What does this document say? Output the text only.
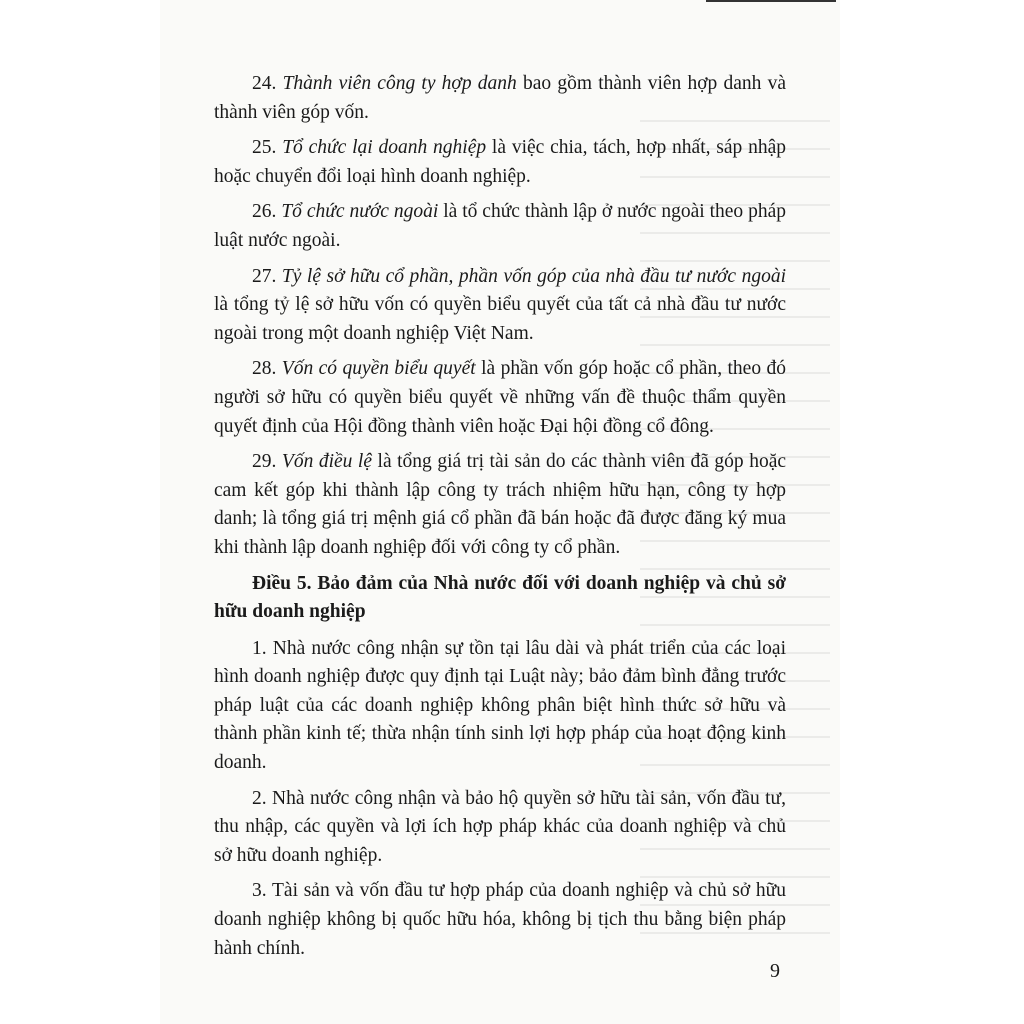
24. Thành viên công ty hợp danh bao gồm thành viên hợp danh và thành viên góp vốn.

25. Tổ chức lại doanh nghiệp là việc chia, tách, hợp nhất, sáp nhập hoặc chuyển đổi loại hình doanh nghiệp.

26. Tổ chức nước ngoài là tổ chức thành lập ở nước ngoài theo pháp luật nước ngoài.

27. Tỷ lệ sở hữu cổ phần, phần vốn góp của nhà đầu tư nước ngoài là tổng tỷ lệ sở hữu vốn có quyền biểu quyết của tất cả nhà đầu tư nước ngoài trong một doanh nghiệp Việt Nam.

28. Vốn có quyền biểu quyết là phần vốn góp hoặc cổ phần, theo đó người sở hữu có quyền biểu quyết về những vấn đề thuộc thẩm quyền quyết định của Hội đồng thành viên hoặc Đại hội đồng cổ đông.

29. Vốn điều lệ là tổng giá trị tài sản do các thành viên đã góp hoặc cam kết góp khi thành lập công ty trách nhiệm hữu hạn, công ty hợp danh; là tổng giá trị mệnh giá cổ phần đã bán hoặc đã được đăng ký mua khi thành lập doanh nghiệp đối với công ty cổ phần.

Điều 5. Bảo đảm của Nhà nước đối với doanh nghiệp và chủ sở hữu doanh nghiệp

1. Nhà nước công nhận sự tồn tại lâu dài và phát triển của các loại hình doanh nghiệp được quy định tại Luật này; bảo đảm bình đẳng trước pháp luật của các doanh nghiệp không phân biệt hình thức sở hữu và thành phần kinh tế; thừa nhận tính sinh lợi hợp pháp của hoạt động kinh doanh.

2. Nhà nước công nhận và bảo hộ quyền sở hữu tài sản, vốn đầu tư, thu nhập, các quyền và lợi ích hợp pháp khác của doanh nghiệp và chủ sở hữu doanh nghiệp.

3. Tài sản và vốn đầu tư hợp pháp của doanh nghiệp và chủ sở hữu doanh nghiệp không bị quốc hữu hóa, không bị tịch thu bằng biện pháp hành chính.

9
